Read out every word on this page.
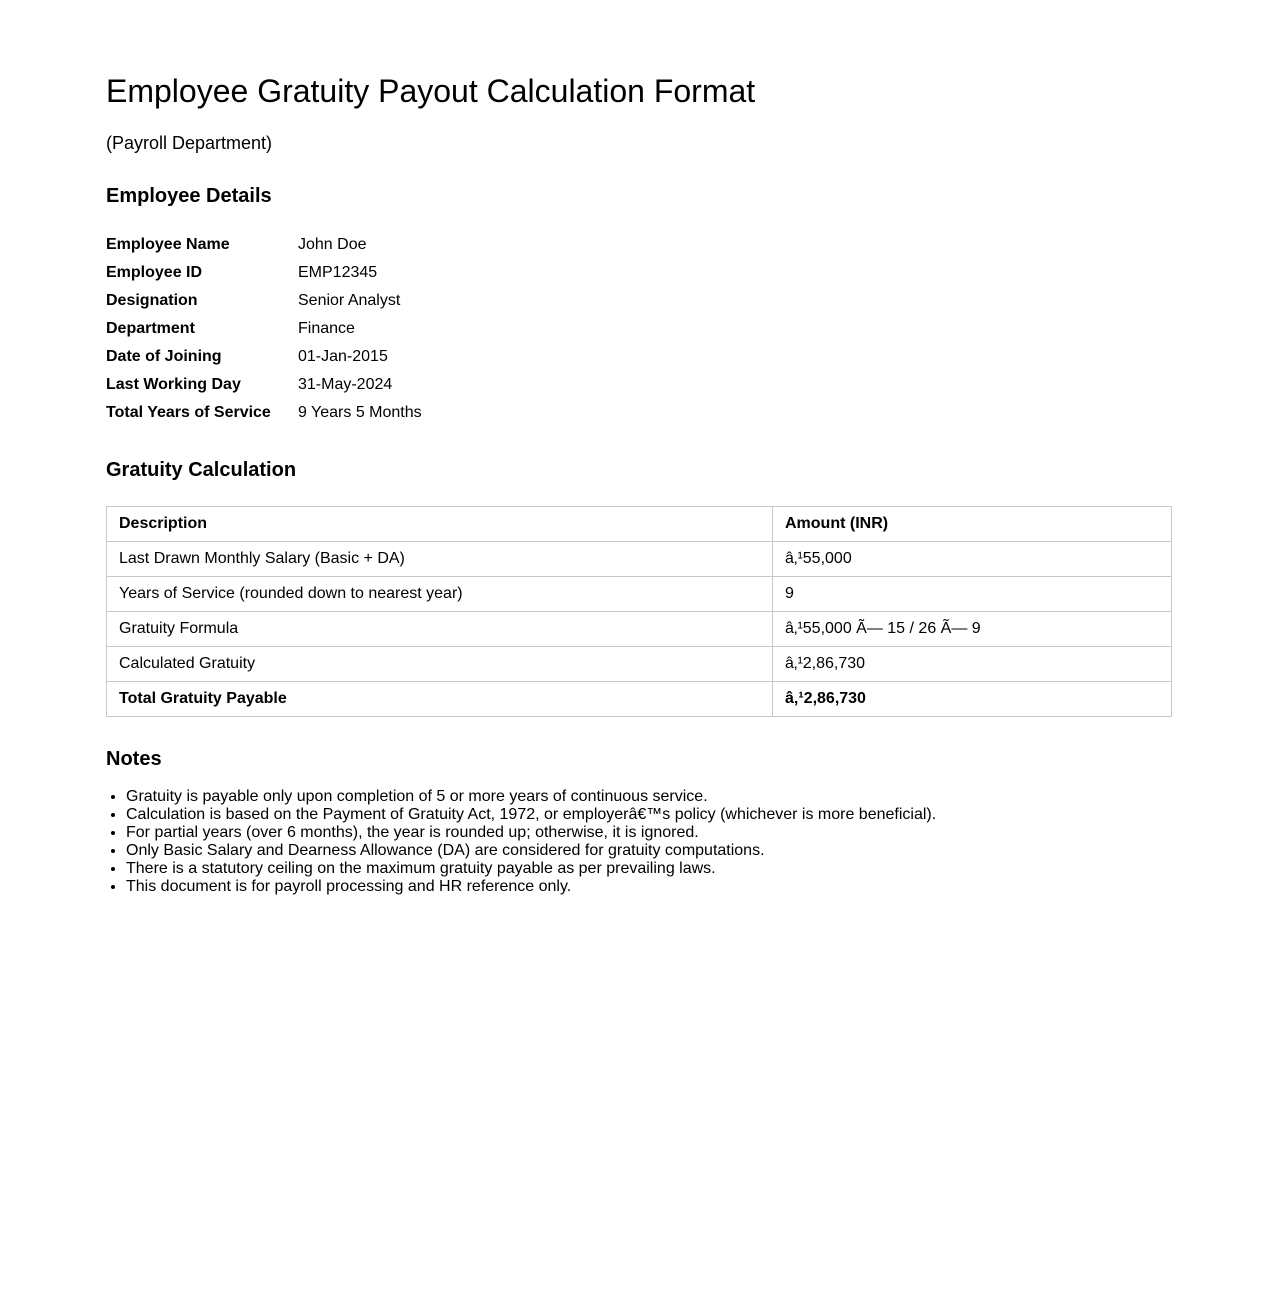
Employee Gratuity Payout Calculation Format

(Payroll Department)

Employee Details
Employee Name	John Doe
Employee ID	EMP12345
Designation	Senior Analyst
Department	Finance
Date of Joining	01-Jan-2015
Last Working Day	31-May-2024
Total Years of Service	9 Years 5 Months
Gratuity Calculation
Description	Amount (INR)
Last Drawn Monthly Salary (Basic + DA)	â‚¹55,000
Years of Service (rounded down to nearest year)	9
Gratuity Formula	â‚¹55,000 Ã— 15 / 26 Ã— 9
Calculated Gratuity	â‚¹2,86,730
Total Gratuity Payable	â‚¹2,86,730
Notes
• Gratuity is payable only upon completion of 5 or more years of continuous service.
• Calculation is based on the Payment of Gratuity Act, 1972, or employerâ€™s policy (whichever is more beneficial).
• For partial years (over 6 months), the year is rounded up; otherwise, it is ignored.
• Only Basic Salary and Dearness Allowance (DA) are considered for gratuity computations.
• There is a statutory ceiling on the maximum gratuity payable as per prevailing laws.
• This document is for payroll processing and HR reference only.
